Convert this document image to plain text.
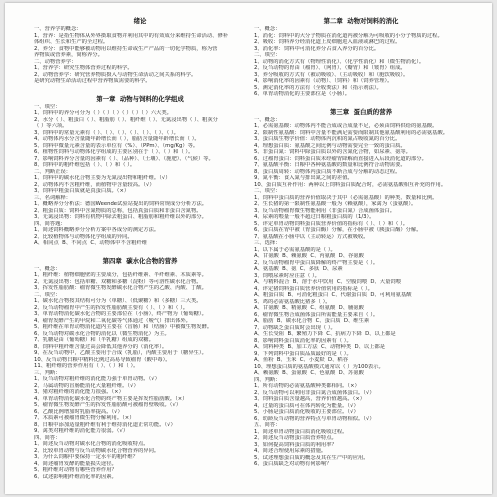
绪论
一、营养学的概念：
1、营养：是指生物体从外界摄取食物并利用其中的有效成分来维持生命活动、修补
体组织、生长和生产的全过程。
2、养分：食物中能够被动物用以维持生命或生产产品的一切化学物质，称为营
养物质或营养素，简称养分。
二、动物营养学：
1、营养学：研究生物体营养过程的科学。
2、动物营养学：研究营养物质摄入与动物生命活动之间关系的科学。
是研究动物生命活动过程中营养物质需要的科学。
第一章  动物与饲料的化学组成
一、填空：
1、饲料中的养分可分为（ ）（ ）（ ）（ ）（ ）（ ）六大类。
2、水分（ ）、粗蛋白（ ）、粗脂肪（ ）、粗纤维（ ）、无氮浸出物（ ）、粗灰分
（ ）等六项。
3、饲料中的常量元素有（ ）、（ ）、（ ）、（ ）、（ ）、（ ）、（ ）。
4、动物体内水分含量随年龄增长而（ ），脂肪含量随年龄增长而（ ）。
5、饲料中微量元素含量的表示单位有（%）、（PPm）、（mg/Kg）等。
6、植物性饲料与动物体化学组成的主要区别在于（ ）、（ ）和（ ）。
7、影响饲料养分含量的因素有（ ）、（品种）、（土壤）、（施肥）、（气候）等。
8、饲料中的粗纤维包括（ ）、（ ）和（ ）。
二、判断正误：
1、饲料中的碳水化合物主要为无氮浸出物和粗纤维。（√）
2、动物体内不含粗纤维，而植物中含量较高。（√）
3、饲料中粗蛋白质就是真蛋白质。（×）
三、名词解释：
1、概略养分分析法：德国Weende试验站提出的饲料常规成分分析方法。
2、粗蛋白质：饲料中含氮物质的总称，包括真蛋白质和非蛋白含氮物。
3、无氮浸出物：饲料有机物中除去粗蛋白、粗脂肪和粗纤维以外的部分。
四、简答题：
1、简述饲料概略养分分析方案中各成分的测定方法。
2、比较植物体与动物体化学组成的异同。
A、相同点  B、不同点  C、动物体中不含粗纤维
第四章  碳水化合物的营养
一、概念：
1、粗纤维：植物细胞壁的主要成分，包括纤维素、半纤维素、木质素等。
2、无氮浸出物：包括单糖、双糖和多糖（淀粉）等可溶性碳水化合物。
3、挥发性脂肪酸：瘤胃微生物发酵碳水化合物产生的乙酸、丙酸、丁酸。
二、填空：
1、碳水化合物按其结构可分为（单糖）、（低聚糖）和（多糖）三大类。
2、反刍动物瘤胃中产生的挥发性脂肪酸主要有（ ）、（ ）和（ ）。
3、单胃动物消化碳水化合物的主要部位在（小肠），终产物为（葡萄糖）。
4、瘤胃发酵产生的甲烷和二氧化碳等气体通过（嗳气）排出体外。
5、粗纤维在单胃动物消化道内主要在（盲肠）和（结肠）中被微生物发酵。
6、反刍动物对碳水化合物的消化以（微生物消化）为主。
7、乳糖是由（葡萄糖）和（半乳糖）组成的双糖。
8、饲料中粗纤维含量过高会降低其他养分的（消化率）。
9、在反刍动物中，乙酸主要用于合成（乳脂），丙酸主要用于（糖异生）。
10、反刍动物日粮中精料比例过高易导致瘤胃（酸中毒）。
11、粗纤维的营养作用有（ ）、（ ）和（ ）。
三、判断：
1、反刍动物对粗纤维的消化能力强于单胃动物。（√）
2、马属动物的盲肠能消化大量粗纤维。（√）
3、猪对粗纤维的消化能力很强。（×）
4、单胃动物消化碳水化合物的终产物主要是挥发性脂肪酸。（×）
5、瘤胃微生物发酵产生的挥发性脂肪酸可被瘤胃壁吸收。（√）
6、乙酸比例增加时乳脂率提高。（√）
7、木质素可被瘤胃微生物分解利用。（×）
8、日粮中添加适量粗纤维有利于维持消化道正常功能。（√）
9、禽类对粗纤维的消化能力很弱。（√）
四、简答：
1、简述反刍动物对碳水化合物的消化吸收特点。
2、比较单胃动物与反刍动物碳水化合物营养的异同。
3、为什么饲粮中要保持一定水平的粗纤维？
4、简述瘤胃发酵的能量损失途径。
5、粗纤维对动物有哪些营养作用？
6、试述影响粗纤维消化率的因素。
第二章  动物对饲料的消化
一、概念：
1、消化：饲料中的大分子物质在消化道内被分解为可吸收的小分子物质的过程。
2、吸收：饲料养分经消化道上皮细胞进入血液或淋巴的过程。
3、消化率：饲料中可消化养分占食入养分的百分比。
二、填空：
1、动物的消化方式有（物理性消化）、（化学性消化）和（微生物消化）。
2、反刍动物的胃由（瘤胃）、（网胃）、（瓣胃）和（皱胃）组成。
3、养分吸收的方式有（被动吸收）、（主动吸收）和（胞饮吸收）。
4、影响消化率的因素有（动物）、（饲料）和（饲养管理）。
5、测定消化率的方法有（全收粪法）和（指示剂法）。
6、单胃动物消化的主要部位是（小肠）。
第三章  蛋白质的营养
一、概念：
1、必需氨基酸：动物体内不能合成或合成量不足，必须由饲料供给的氨基酸。
2、限制性氨基酸：饲料中含量不能满足需要而限制其他氨基酸利用的必需氨基酸。
3、蛋白质生物学价值：动物体内沉积的氮占吸收氮的百分比。
4、理想蛋白质：氨基酸之间比例与动物需要完全一致的蛋白质。
5、非蛋白氮：饲料中除蛋白质以外的含氮化合物，如尿素、氨等。
6、过瘤胃蛋白：饲料蛋白质未经瘤胃降解而直接进入后段消化道的部分。
7、氨基酸平衡：日粮中各种氨基酸的数量和比例符合动物需要。
8、蛋白质周转：动物体内蛋白质不断合成与分解的动态过程。
9、氮平衡：食入氮与排出氮之间的差值。
10、蛋白质互补作用：两种以上饲料蛋白质配合时，必需氨基酸相互补充的作用。
二、填空：
1、饲料中蛋白质的营养价值取决于其中（必需氨基酸）的种类、数量和比例。
2、生长猪的第一限制性氨基酸一般为（赖氨酸），家禽为（蛋氨酸）。
3、反刍动物瘤胃微生物能利用（非蛋白氮）合成菌体蛋白。
4、尿素的喂量一般不超过日粮粗蛋白质的（1/3）。
5、评定单胃动物饲料蛋白质营养价值的指标有（ ）、（ ）和（ ）。
6、蛋白质在胃中被（胃蛋白酶）分解，在小肠中被（胰蛋白酶）分解。
7、氨基酸在小肠中以（主动转运）方式被吸收。
三、选择：
1、以下属于必需氨基酸的是（ ）。
A、甘氨酸  B、赖氨酸  C、丙氨酸  D、谷氨酸
2、反刍动物瘤胃中蛋白质降解的终产物主要是（ ）。
A、氨基酸  B、氨  C、多肽  D、尿素
3、饲喂尿素时应注意（ ）。
A、与精料混合  B、溶于水中饮用  C、空腹饲喂  D、大量饲喂
4、评定猪饲料蛋白质营养价值常用的指标是（ ）。
A、粗蛋白质  B、可消化粗蛋白  C、代谢蛋白质  D、可利用氨基酸
5、鸡的必需氨基酸比猪多（ ）。
A、甘氨酸  B、精氨酸  C、组氨酸  D、脯氨酸
6、瘤胃微生物合成菌体蛋白所需能量主要来自（ ）。
A、脂肪  B、碳水化合物  C、蛋白质  D、维生素
7、动物缺乏蛋白质时会出现（ ）。
A、生长受阻  B、繁殖力下降  C、抗病力下降  D、以上都是
8、影响饲料蛋白质消化率的因素有（ ）。
A、饲料种类  B、加工方法  C、动物种类  D、以上都是
9、下列饲料中蛋白质品质最好的是（ ）。
A、鱼粉  B、玉米  C、小麦麸  D、稻谷
10、理想蛋白质的氨基酸模式通常以（ ）为100表示。
A、赖氨酸  B、蛋氨酸  C、色氨酸  D、苏氨酸
四、判断：
1、所有动物的必需氨基酸种类都相同。（×）
2、反刍动物可以利用非蛋白氮合成菌体蛋白。（√）
3、饲料蛋白质含量越高，营养价值越高。（×）
4、过量的蛋白质可在体内转化为能量。（√）
5、小肠是蛋白质消化吸收的主要部位。（√）
6、幼龄反刍动物的营养特点与单胃动物相似。（√）
五、简答：
1、简述单胃动物蛋白质消化吸收过程。
2、简述反刍动物蛋白质营养特点。
3、如何提高饲料蛋白质的利用率？
4、简述合理使用尿素的措施。
5、试述理想蛋白质的概念及其在生产中的应用。
6、蛋白质缺乏对动物有何影响？
